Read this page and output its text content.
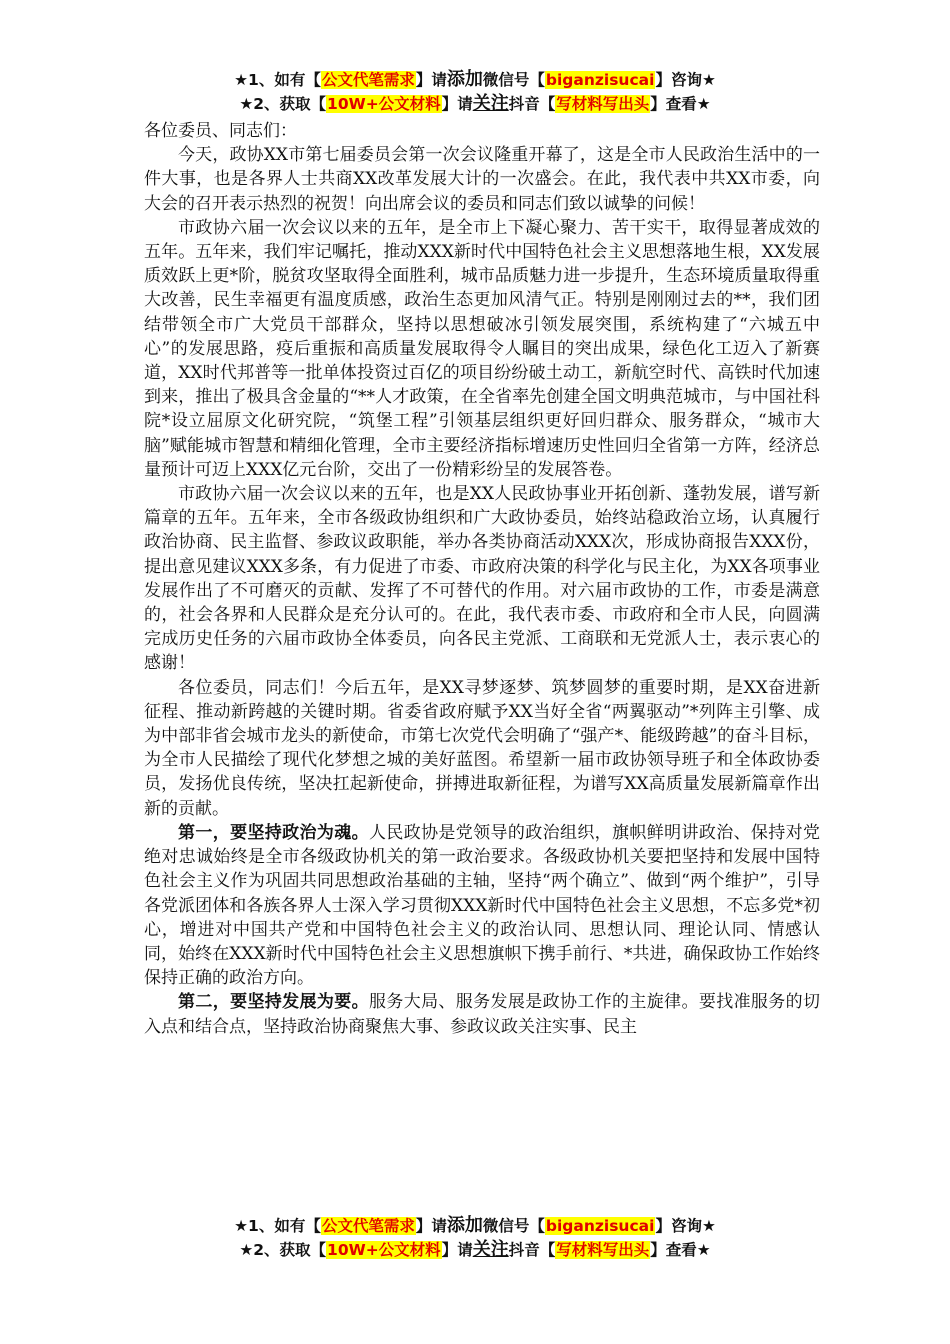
★1、如有【公文代笔需求】请添加微信号【biganzisucai】咨询★
★2、获取【10W+公文材料】请关注抖音【写材料写出头】查看★

各位委员、同志们：

今天，政协XX市第七届委员会第一次会议隆重开幕了，这是全市人民政治生活中的一件大事，也是各界人士共商XX改革发展大计的一次盛会。在此，我代表中共XX市委，向大会的召开表示热烈的祝贺！向出席会议的委员和同志们致以诚挚的问候！

市政协六届一次会议以来的五年，是全市上下凝心聚力、苦干实干，取得显著成效的五年。五年来，我们牢记嘱托，推动XXX新时代中国特色社会主义思想落地生根，XX发展质效跃上更*阶，脱贫攻坚取得全面胜利，城市品质魅力进一步提升，生态环境质量取得重大改善，民生幸福更有温度质感，政治生态更加风清气正。特别是刚刚过去的**，我们团结带领全市广大党员干部群众，坚持以思想破冰引领发展突围，系统构建了“六城五中心”的发展思路，疫后重振和高质量发展取得令人瞩目的突出成果，绿色化工迈入了新赛道，XX时代邦普等一批单体投资过百亿的项目纷纷破土动工，新航空时代、高铁时代加速到来，推出了极具含金量的“**人才政策，在全省率先创建全国文明典范城市，与中国社科院*设立屈原文化研究院，“筑堡工程”引领基层组织更好回归群众、服务群众，“城市大脑”赋能城市智慧和精细化管理，全市主要经济指标增速历史性回归全省第一方阵，经济总量预计可迈上XXX亿元台阶，交出了一份精彩纷呈的发展答卷。

市政协六届一次会议以来的五年，也是XX人民政协事业开拓创新、蓬勃发展，谱写新篇章的五年。五年来，全市各级政协组织和广大政协委员，始终站稳政治立场，认真履行政治协商、民主监督、参政议政职能，举办各类协商活动XXX次，形成协商报告XXX份，提出意见建议XXX多条，有力促进了市委、市政府决策的科学化与民主化，为XX各项事业发展作出了不可磨灭的贡献、发挥了不可替代的作用。对六届市政协的工作，市委是满意的，社会各界和人民群众是充分认可的。在此，我代表市委、市政府和全市人民，向圆满完成历史任务的六届市政协全体委员，向各民主党派、工商联和无党派人士，表示衷心的感谢！

各位委员，同志们！今后五年，是XX寻梦逐梦、筑梦圆梦的重要时期，是XX奋进新征程、推动新跨越的关键时期。省委省政府赋予XX当好全省“两翼驱动”*列阵主引擎、成为中部非省会城市龙头的新使命，市第七次党代会明确了“强产*、能级跨越”的奋斗目标，为全市人民描绘了现代化梦想之城的美好蓝图。希望新一届市政协领导班子和全体政协委员，发扬优良传统，坚决扛起新使命，拼搏进取新征程，为谱写XX高质量发展新篇章作出新的贡献。

第一，要坚持政治为魂。人民政协是党领导的政治组织，旗帜鲜明讲政治、保持对党绝对忠诚始终是全市各级政协机关的第一政治要求。各级政协机关要把坚持和发展中国特色社会主义作为巩固共同思想政治基础的主轴，坚持“两个确立”、做到“两个维护”，引导各党派团体和各族各界人士深入学习贯彻XXX新时代中国特色社会主义思想，不忘多党*初心，增进对中国共产党和中国特色社会主义的政治认同、思想认同、理论认同、情感认同，始终在XXX新时代中国特色社会主义思想旗帜下携手前行、*共进，确保政协工作始终保持正确的政治方向。

第二，要坚持发展为要。服务大局、服务发展是政协工作的主旋律。要找准服务的切入点和结合点，坚持政治协商聚焦大事、参政议政关注实事、民主

★1、如有【公文代笔需求】请添加微信号【biganzisucai】咨询★
★2、获取【10W+公文材料】请关注抖音【写材料写出头】查看★
